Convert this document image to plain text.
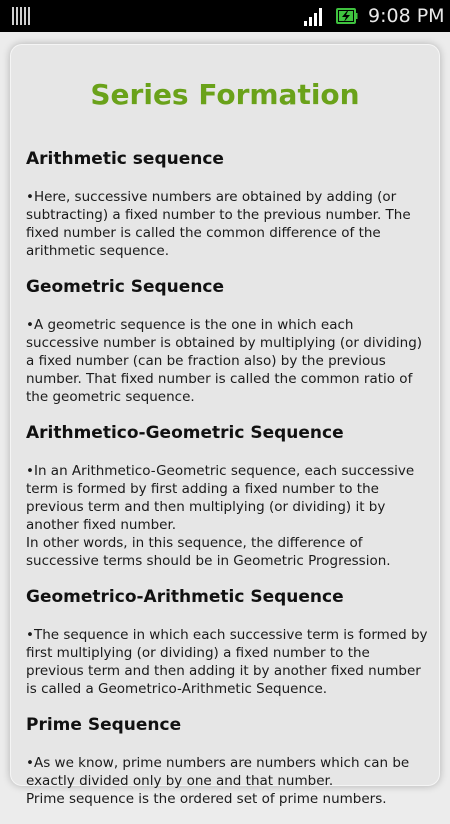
9:08 PM
Series Formation
Arithmetic sequence

•Here, successive numbers are obtained by adding (or subtracting) a fixed number to the previous number. The fixed number is called the common difference of the arithmetic sequence.

Geometric Sequence

•A geometric sequence is the one in which each successive number is obtained by multiplying (or dividing) a fixed number (can be fraction also) by the previous number. That fixed number is called the common ratio of the geometric sequence.

Arithmetico-Geometric Sequence

•In an Arithmetico-Geometric sequence, each successive term is formed by first adding a fixed number to the previous term and then multiplying (or dividing) it by another fixed number.

In other words, in this sequence, the difference of successive terms should be in Geometric Progression.

Geometrico-Arithmetic Sequence

•The sequence in which each successive term is formed by first multiplying (or dividing) a fixed number to the previous term and then adding it by another fixed number is called a Geometrico-Arithmetic Sequence.

Prime Sequence

•As we know, prime numbers are numbers which can be exactly divided only by one and that number.

Prime sequence is the ordered set of prime numbers.
